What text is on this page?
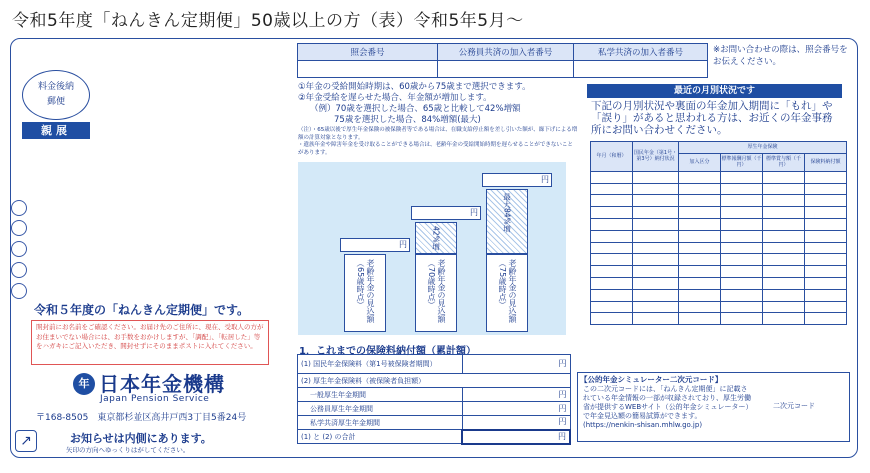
令和5年度「ねんきん定期便」50歳以上の方（表）令和5年5月～
料金後納
郵便
親展
令和５年度の「ねんきん定期便」です。
開封前にお名前をご確認ください。お届け先のご住所に、現在、受取人の方がお住まいでない場合には、お手数をおかけしますが、「調配」、「転居した」等をハガキにご記入いただき、開封せずにそのままポストに入れてください。
年 日本年金機構
Japan Pension Service
〒168-8505　東京都杉並区高井戸西3丁目5番24号
↗	お知らせは内側にあります。
矢印の方向へゆっくりはがしてください。
照会番号	公務員共済の加入者番号	私学共済の加入者番号
			※お問い合わせの際は、照会番号をお伝えください。
①年金の受給開始時期は、60歳から75歳まで選択できます。
②年金受給を遅らせた場合、年金額が増加します。
（例）70歳を選択した場合、65歳と比較して42%増額
75歳を選択した場合、84%増額(最大)
（注）・65歳以後で厚生年金保険の被保険者等である場合は、在職支給停止額を差し引いた額が、繰下げによる増額の計算対象となります。
・遺族年金や障害年金を受け取ることができる場合は、老齢年金の受給開始時期を遅らせることができないことがあります。
円
老齢年金の見込額（65歳時点）
円
42%増
老齢年金の見込額（70歳時点）
円
最大84%増
老齢年金の見込額（75歳時点）
1．これまでの保険料納付額（累計額）
(1) 国民年金保険料（第1号被保険者期間）	円
(2) 厚生年金保険料（被保険者負担額）	
一般厚生年金期間	円
公務員厚生年金期間	円
私学共済厚生年金期間	円
(1) と (2) の合計	円
最近の月別状況です
下記の月別状況や裏面の年金加入期間に「もれ」や「誤り」があると思われる方は、お近くの年金事務所にお問い合わせください。
年月（和暦）	国民年金（第1号・第3号）納付状況	厚生年金保険			
		加入区分	標準報酬月額（千円）	標準賞与額（千円）	保険料納付額

【公的年金シミュレーター二次元コード】
この二次元コードには、「ねんきん定期便」に記載されている年金情報の一部が収録されており、厚生労働省が提供するWEBサイト（公的年金シミュレーター）で年金見込額の簡易試算ができます。(https://nenkin-shisan.mhlw.go.jp)
二次元コード
